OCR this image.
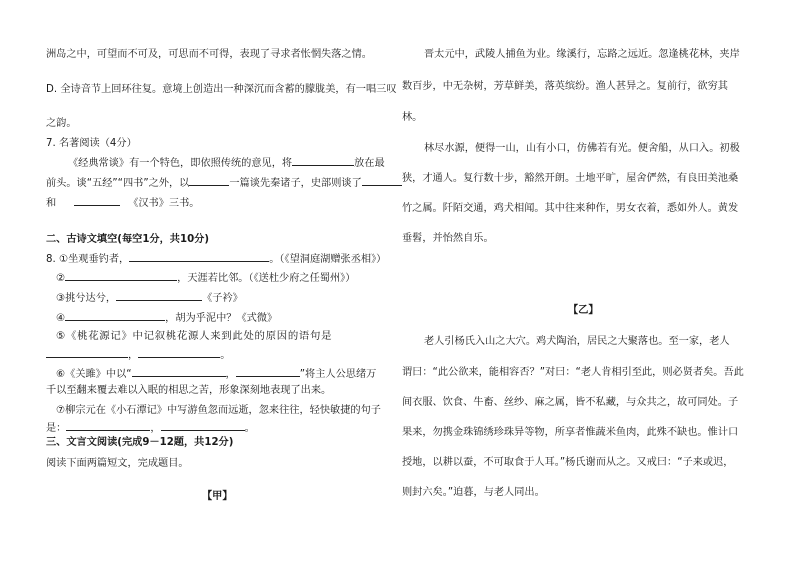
洲岛之中，可望而不可及，可思而不可得，表现了寻求者怅惘失落之情。
D. 全诗音节上回环往复。意境上创造出一种深沉而含蓄的朦胧美，有一唱三叹
之韵。
7. 名著阅读（4分）
《经典常谈》有一个特色，即依照传统的意见，将	放在最
前头。谈“五经”“四书”之外，以	一篇谈先秦诸子，史部则谈了
和	《汉书》三书。
二、古诗文填空(每空1分，共10分)
8. ①坐观垂钓者，	。（《望洞庭湖赠张丞相》）
②	，天涯若比邻。（《送杜少府之任蜀州》）
③挑兮达兮，	《子衿》
④	，胡为乎泥中？《式微》
⑤《桃花源记》中记叙桃花源人来到此处的原因的语句是
，	。
⑥《关雎》中以“	，	”将主人公思绪万
千以至翻来覆去难以入眠的相思之苦，形象深刻地表现了出来。
⑦柳宗元在《小石潭记》中写游鱼忽而远逝，忽来往往，轻快敏捷的句子
是：	，	。
三、文言文阅读(完成9－12题，共12分)
阅读下面两篇短文，完成题目。
【甲】
晋太元中，武陵人捕鱼为业。缘溪行，忘路之远近。忽逢桃花林，夹岸
数百步，中无杂树，芳草鲜美，落英缤纷。渔人甚异之。复前行，欲穷其
林。
林尽水源，便得一山，山有小口，仿佛若有光。便舍船，从口入。初极
狭，才通人。复行数十步，豁然开朗。土地平旷，屋舍俨然，有良田美池桑
竹之属。阡陌交通，鸡犬相闻。其中往来种作，男女衣着，悉如外人。黄发
垂髫，并怡然自乐。
【乙】
老人引杨氏入山之大穴。鸡犬陶治，居民之大聚落也。至一家，老人
谓曰：“此公欲来，能相容否？”对曰：“老人肯相引至此，则必贤者矣。吾此
间衣服、饮食、牛畜、丝纱、麻之属，皆不私藏，与众共之，故可同处。子
果来，勿携金珠锦绣珍珠异等物，所享者惟蔬米鱼肉，此殊不缺也。惟计口
授地，以耕以蚕，不可取食于人耳。”杨氏谢而从之。又戒曰：“子来或迟，
则封六矣。”迫暮，与老人同出。
